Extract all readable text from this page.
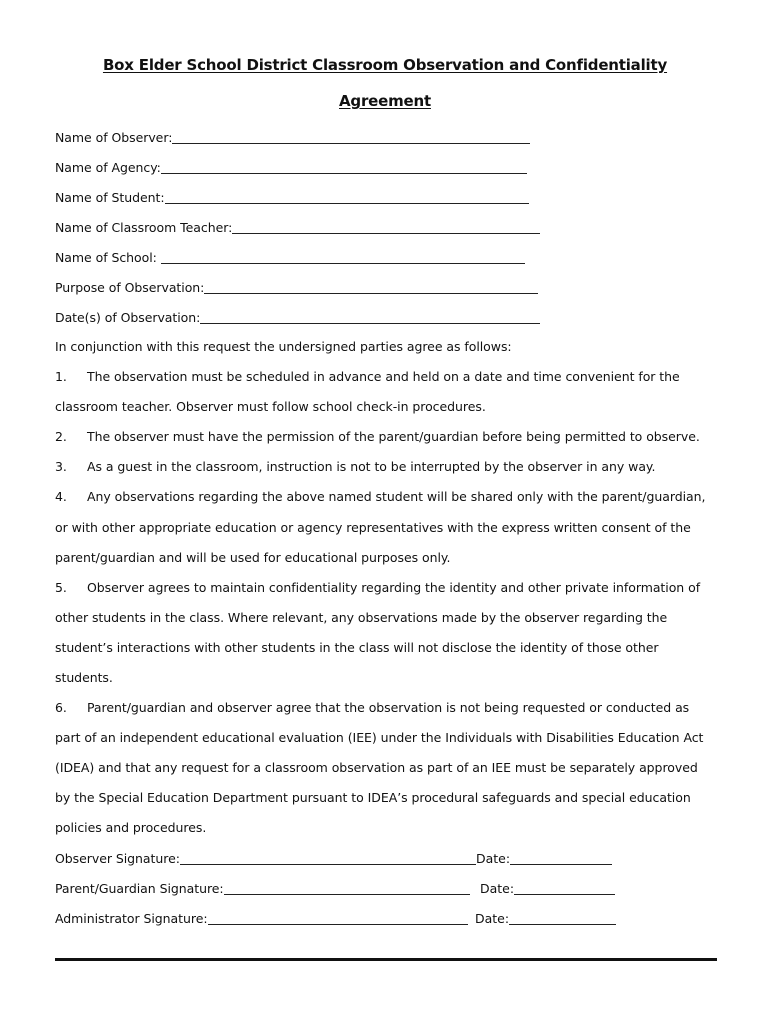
Box Elder School District Classroom Observation and Confidentiality
Agreement
Name of Observer:
Name of Agency:
Name of Student:
Name of Classroom Teacher:
Name of School:
Purpose of Observation:
Date(s) of Observation:
In conjunction with this request the undersigned parties agree as follows:
1. The observation must be scheduled in advance and held on a date and time convenient for the
classroom teacher. Observer must follow school check-in procedures.
2. The observer must have the permission of the parent/guardian before being permitted to observe.
3. As a guest in the classroom, instruction is not to be interrupted by the observer in any way.
4. Any observations regarding the above named student will be shared only with the parent/guardian,
or with other appropriate education or agency representatives with the express written consent of the
parent/guardian and will be used for educational purposes only.
5. Observer agrees to maintain confidentiality regarding the identity and other private information of
other students in the class. Where relevant, any observations made by the observer regarding the
student’s interactions with other students in the class will not disclose the identity of those other
students.
6. Parent/guardian and observer agree that the observation is not being requested or conducted as
part of an independent educational evaluation (IEE) under the Individuals with Disabilities Education Act
(IDEA) and that any request for a classroom observation as part of an IEE must be separately approved
by the Special Education Department pursuant to IDEA’s procedural safeguards and special education
policies and procedures.
Observer Signature:	Date:
Parent/Guardian Signature:	Date:
Administrator Signature:	Date:
